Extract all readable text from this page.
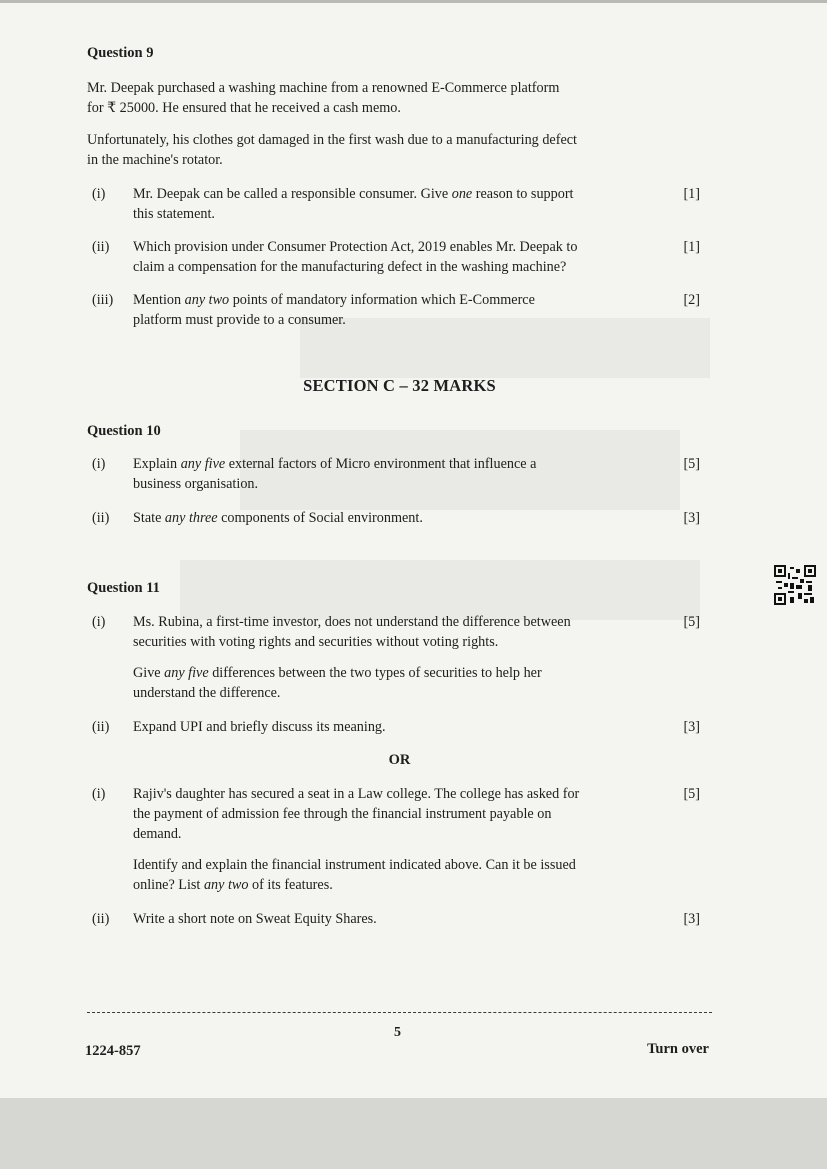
Question 9

Mr. Deepak purchased a washing machine from a renowned E-Commerce platform
for ₹ 25000. He ensured that he received a cash memo.
Unfortunately, his clothes got damaged in the first wash due to a manufacturing defect
in the machine's rotator.
(i)	[1]
Mr. Deepak can be called a responsible consumer. Give one reason to support
this statement.
(ii)	[1]
Which provision under Consumer Protection Act, 2019 enables Mr. Deepak to
claim a compensation for the manufacturing defect in the washing machine?
(iii)	[2]
Mention any two points of mandatory information which E-Commerce
platform must provide to a consumer.
SECTION C – 32 MARKS

Question 10

(i)	[5]
Explain any five external factors of Micro environment that influence a
business organisation.
(ii)	[3]
State any three components of Social environment.

Question 11

(i)	[5]
Ms. Rubina, a first-time investor, does not understand the difference between
securities with voting rights and securities without voting rights.
Give any five differences between the two types of securities to help her
understand the difference.
(ii)	[3]
Expand UPI and briefly discuss its meaning.
OR
(i)	[5]
Rajiv's daughter has secured a seat in a Law college. The college has asked for
the payment of admission fee through the financial instrument payable on
demand.
Identify and explain the financial instrument indicated above. Can it be issued
online? List any two of its features.
(ii)	[3]
Write a short note on Sweat Equity Shares.
5
1224-857	Turn over
